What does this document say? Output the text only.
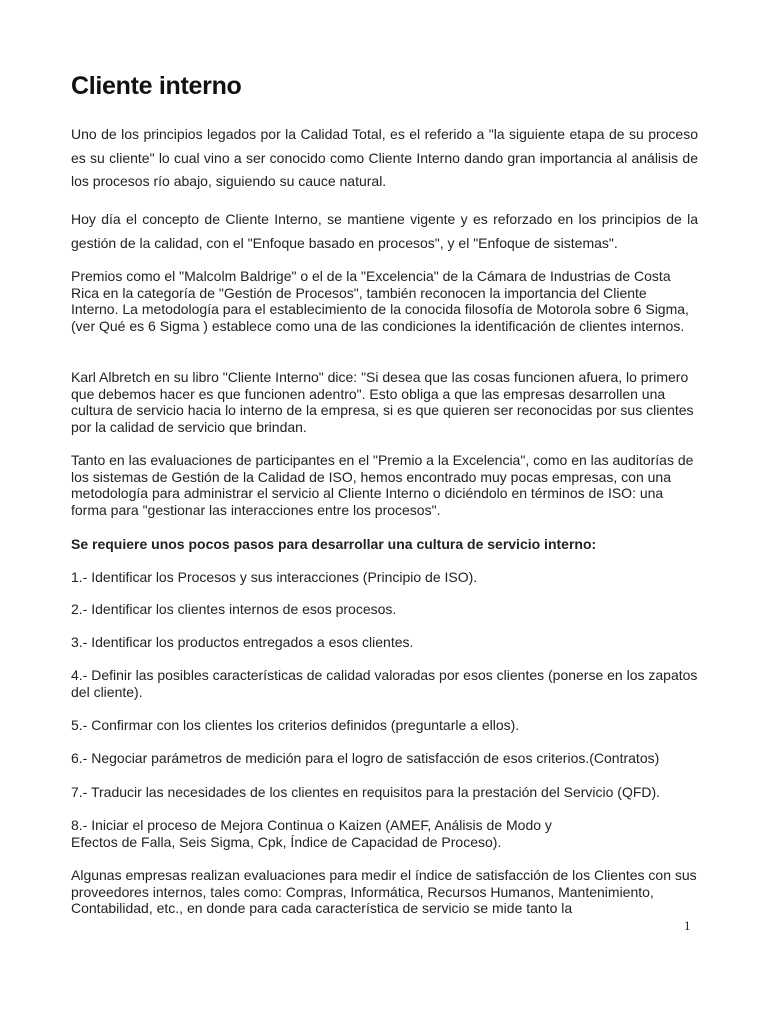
Cliente interno

Uno de los principios legados por la Calidad Total, es el referido a "la siguiente etapa de su proceso es su cliente" lo cual vino a ser conocido como Cliente Interno dando gran importancia al análisis de los procesos río abajo, siguiendo su cauce natural.

Hoy día el concepto de Cliente Interno, se mantiene vigente y es reforzado en los principios de la gestión de la calidad, con el "Enfoque basado en procesos", y el "Enfoque de sistemas".

Premios como el "Malcolm Baldrige" o el de la "Excelencia" de la Cámara de Industrias de Costa Rica en la categoría de "Gestión de Procesos", también reconocen la importancia del Cliente Interno. La metodología para el establecimiento de la conocida filosofía de Motorola sobre 6 Sigma, (ver Qué es 6 Sigma ) establece como una de las condiciones la identificación de clientes internos.

Karl Albretch en su libro "Cliente Interno" dice: "Si desea que las cosas funcionen afuera, lo primero que debemos hacer es que funcionen adentro". Esto obliga a que las empresas desarrollen una cultura de servicio hacia lo interno de la empresa, si es que quieren ser reconocidas por sus clientes por la calidad de servicio que brindan.

Tanto en las evaluaciones de participantes en el "Premio a la Excelencia", como en las auditorías de los sistemas de Gestión de la Calidad de ISO, hemos encontrado muy pocas empresas, con una metodología para administrar el servicio al Cliente Interno o diciéndolo en términos de ISO: una forma para "gestionar las interacciones entre los procesos".

Se requiere unos pocos pasos para desarrollar una cultura de servicio interno:

1.- Identificar los Procesos y sus interacciones (Principio de ISO).

2.- Identificar los clientes internos de esos procesos.

3.- Identificar los productos entregados a esos clientes.

4.- Definir las posibles características de calidad valoradas por esos clientes (ponerse en los zapatos del cliente).

5.- Confirmar con los clientes los criterios definidos (preguntarle a ellos).

6.- Negociar parámetros de medición para el logro de satisfacción de esos criterios.(Contratos)

7.- Traducir las necesidades de los clientes en requisitos para la prestación del Servicio (QFD).

8.- Iniciar el proceso de Mejora Continua o Kaizen (AMEF, Análisis de Modo y Efectos de Falla, Seis Sigma, Cpk, Índice de Capacidad de Proceso).

Algunas empresas realizan evaluaciones para medir el índice de satisfacción de los Clientes con sus proveedores internos, tales como: Compras, Informática, Recursos Humanos, Mantenimiento, Contabilidad, etc., en donde para cada característica de servicio se mide tanto la

1
